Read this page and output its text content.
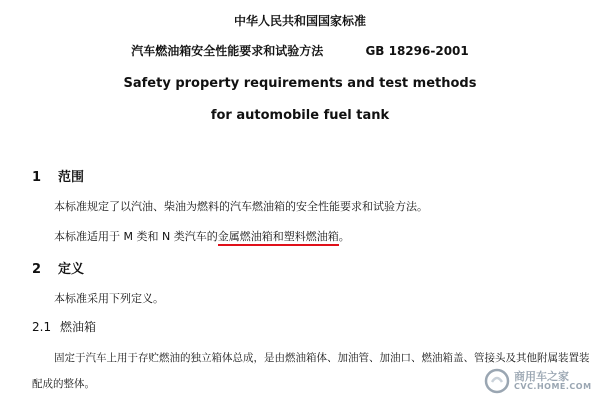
中华人民共和国国家标准
汽车燃油箱安全性能要求和试验方法	GB 18296-2001
Safety property requirements and test methods
for automobile fuel tank
1 范围
本标准规定了以汽油、柴油为燃料的汽车燃油箱的安全性能要求和试验方法。
本标准适用于 M 类和 N 类汽车的金属燃油箱和塑料燃油箱。
2 定义
本标准采用下列定义。
2.1 燃油箱
固定于汽车上用于存贮燃油的独立箱体总成，是由燃油箱体、加油管、加油口、燃油箱盖、管接头及其他附属装置装
配成的整体。
商用车之家
CVC.HOME.COM
